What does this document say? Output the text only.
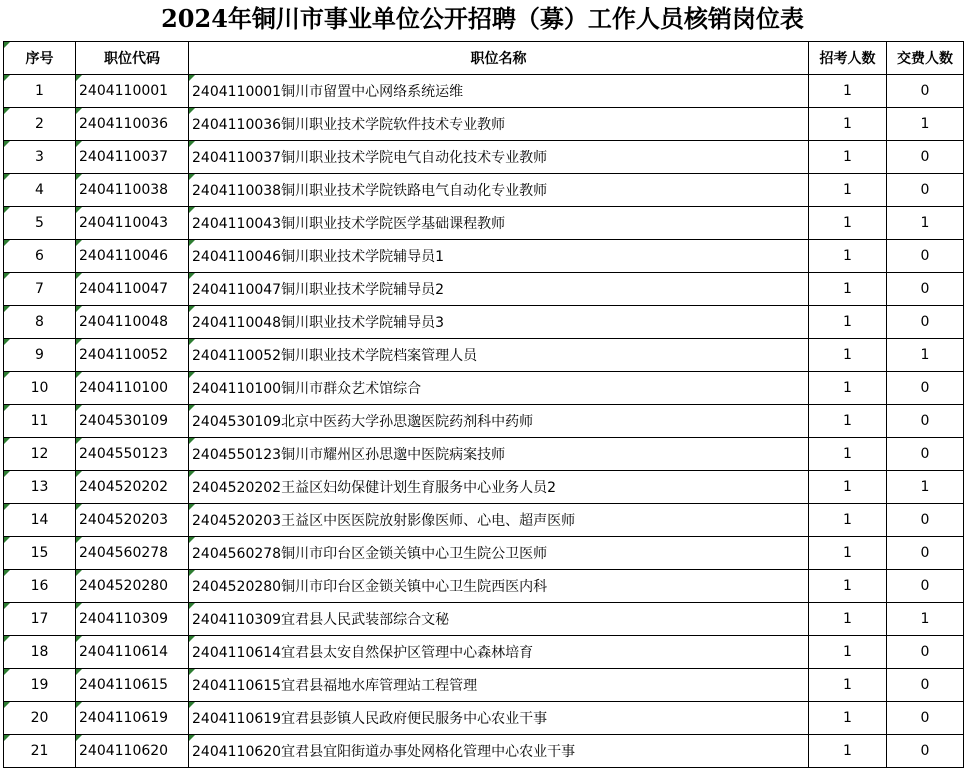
2024年铜川市事业单位公开招聘（募）工作人员核销岗位表
序号	职位代码	职位名称	招考人数	交费人数
1	2404110001	2404110001铜川市留置中心网络系统运维	1	0
2	2404110036	2404110036铜川职业技术学院软件技术专业教师	1	1
3	2404110037	2404110037铜川职业技术学院电气自动化技术专业教师	1	0
4	2404110038	2404110038铜川职业技术学院铁路电气自动化专业教师	1	0
5	2404110043	2404110043铜川职业技术学院医学基础课程教师	1	1
6	2404110046	2404110046铜川职业技术学院辅导员1	1	0
7	2404110047	2404110047铜川职业技术学院辅导员2	1	0
8	2404110048	2404110048铜川职业技术学院辅导员3	1	0
9	2404110052	2404110052铜川职业技术学院档案管理人员	1	1
10	2404110100	2404110100铜川市群众艺术馆综合	1	0
11	2404530109	2404530109北京中医药大学孙思邈医院药剂科中药师	1	0
12	2404550123	2404550123铜川市耀州区孙思邈中医院病案技师	1	0
13	2404520202	2404520202王益区妇幼保健计划生育服务中心业务人员2	1	1
14	2404520203	2404520203王益区中医医院放射影像医师、心电、超声医师	1	0
15	2404560278	2404560278铜川市印台区金锁关镇中心卫生院公卫医师	1	0
16	2404520280	2404520280铜川市印台区金锁关镇中心卫生院西医内科	1	0
17	2404110309	2404110309宜君县人民武装部综合文秘	1	1
18	2404110614	2404110614宜君县太安自然保护区管理中心森林培育	1	0
19	2404110615	2404110615宜君县福地水库管理站工程管理	1	0
20	2404110619	2404110619宜君县彭镇人民政府便民服务中心农业干事	1	0
21	2404110620	2404110620宜君县宜阳街道办事处网格化管理中心农业干事	1	0
